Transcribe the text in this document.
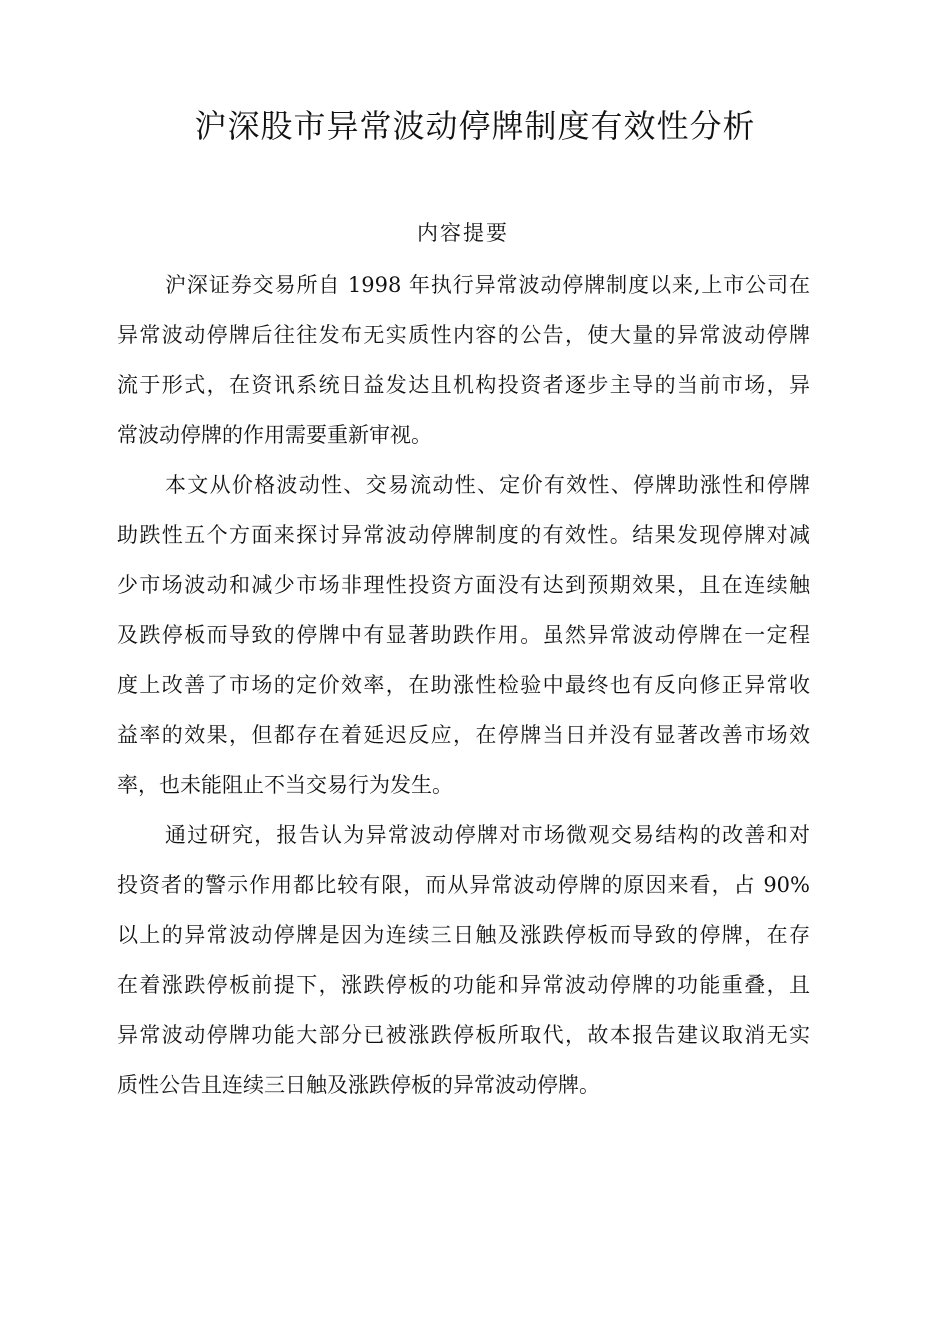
沪深股市异常波动停牌制度有效性分析
内容提要

沪深证券交易所自 1998 年执行异常波动停牌制度以来,上市公司在

异常波动停牌后往往发布无实质性内容的公告，使大量的异常波动停牌

流于形式，在资讯系统日益发达且机构投资者逐步主导的当前市场，异

常波动停牌的作用需要重新审视。

本文从价格波动性、交易流动性、定价有效性、停牌助涨性和停牌

助跌性五个方面来探讨异常波动停牌制度的有效性。结果发现停牌对减

少市场波动和减少市场非理性投资方面没有达到预期效果，且在连续触

及跌停板而导致的停牌中有显著助跌作用。虽然异常波动停牌在一定程

度上改善了市场的定价效率，在助涨性检验中最终也有反向修正异常收

益率的效果，但都存在着延迟反应，在停牌当日并没有显著改善市场效

率，也未能阻止不当交易行为发生。

通过研究，报告认为异常波动停牌对市场微观交易结构的改善和对

投资者的警示作用都比较有限，而从异常波动停牌的原因来看，占 90%

以上的异常波动停牌是因为连续三日触及涨跌停板而导致的停牌，在存

在着涨跌停板前提下，涨跌停板的功能和异常波动停牌的功能重叠，且

异常波动停牌功能大部分已被涨跌停板所取代，故本报告建议取消无实

质性公告且连续三日触及涨跌停板的异常波动停牌。
